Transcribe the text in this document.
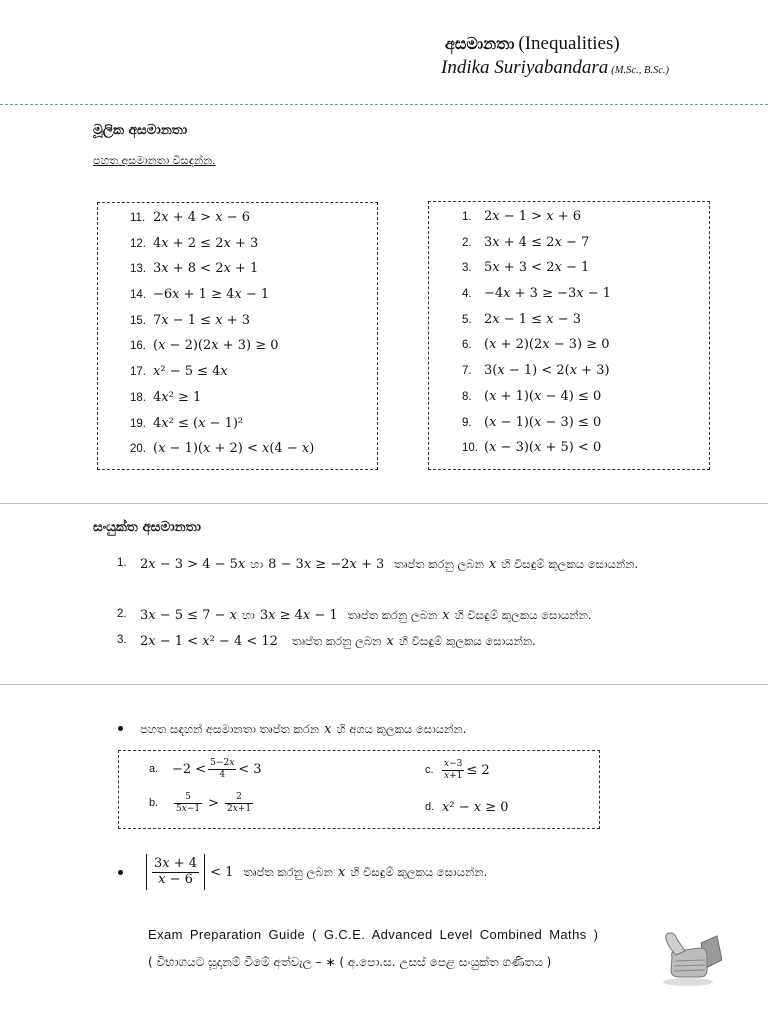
අසමානතා (Inequalities)
Indika Suriyabandara (M.Sc., B.Sc.)
මූලික අසමානතා
පහත අසමානතා විසඳන්න.
11. 2x + 4 > x − 6
12. 4x + 2 ≤ 2x + 3
13. 3x + 8 < 2x + 1
14. −6x + 1 ≥ 4x − 1
15. 7x − 1 ≤ x + 3
16. (x − 2)(2x + 3) ≥ 0
17. x² − 5 ≤ 4x
18. 4x² ≥ 1
19. 4x² ≤ (x − 1)²
20. (x − 1)(x + 2) < x(4 − x)
1. 2x − 1 > x + 6
2. 3x + 4 ≤ 2x − 7
3. 5x + 3 < 2x − 1
4. −4x + 3 ≥ −3x − 1
5. 2x − 1 ≤ x − 3
6. (x + 2)(2x − 3) ≥ 0
7. 3(x − 1) < 2(x + 3)
8. (x + 1)(x − 4) ≤ 0
9. (x − 1)(x − 3) ≤ 0
10. (x − 3)(x + 5) < 0
සංයුක්ත අසමානතා
1.	2x − 3 > 4 − 5x හා 8 − 3x ≥ −2x + 3 තෘප්ත කරනු ලබන x හි විසඳුම් කුලකය සොයන්න.
2.	3x − 5 ≤ 7 − x හා 3x ≥ 4x − 1 තෘප්ත කරනු ලබන x හි විසඳුම් කුලකය සොයන්න.
3.	2x − 1 < x² − 4 < 12 තෘප්ත කරනු ලබන x හි විසඳුම් කුලකය සොයන්න.
පහත සඳහන් අසමානතා තෘප්ත කරන x හි අගය කුලකය සොයන්න.
a.	$-2 < \frac{5-2x}{4} < 3$	c. $\frac{x-3}{x+1} \le 2$
b.	$\frac{5}{5x-1} > \frac{2}{2x+1}$	d. x² − x ≥ 0
$\frac{3x + 4}{x - 6} < 1$ තෘප්ත කරනු ලබන
x
හි විසඳුම් කුලකය සොයන්න.
Exam Preparation Guide ( G.C.E. Advanced Level Combined Maths )
( විභාගයට සූදානම් වීමේ අත්වැල – ∗ ( අ.පො.ස. උසස් පෙළ සංයුක්ත ගණිතය )
